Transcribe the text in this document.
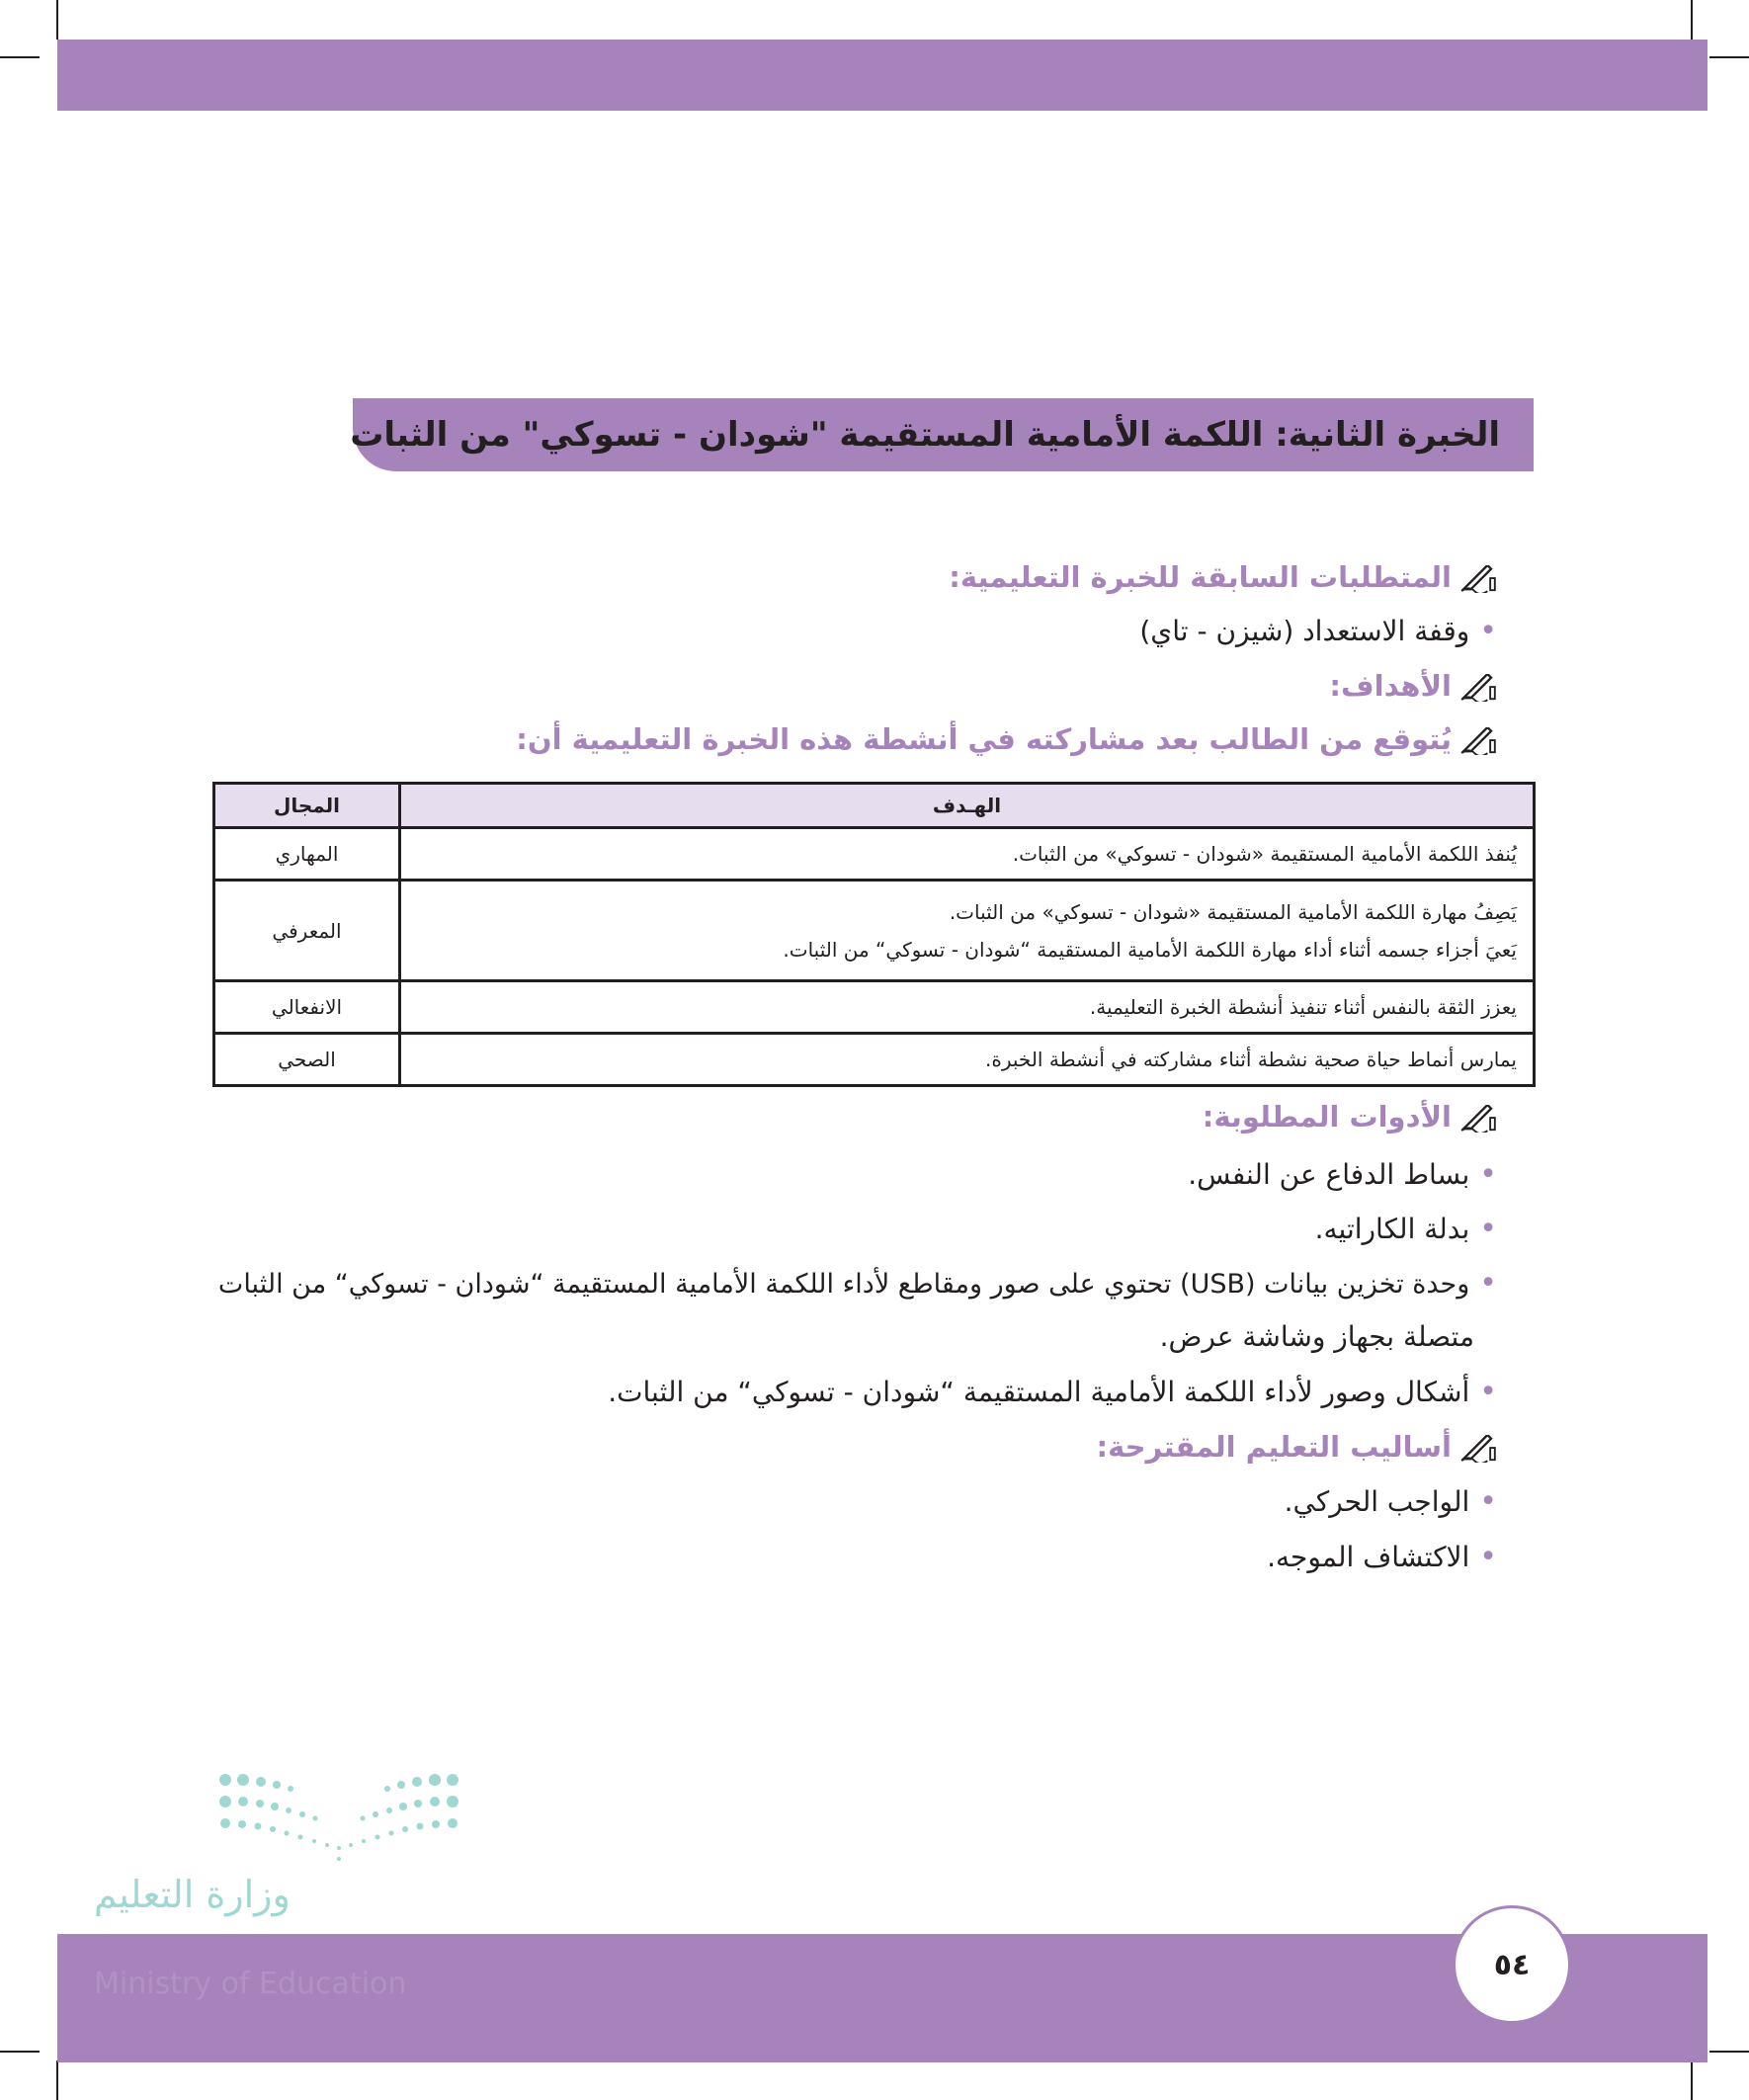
الخبرة الثانية: اللكمة الأمامية المستقيمة "شودان - تسوكي" من الثبات
المتطلبات السابقة للخبرة التعليمية:
•وقفة الاستعداد (شيزن - تاي)
الأهداف:
يُتوقع من الطالب بعد مشاركته في أنشطة هذه الخبرة التعليمية أن:
الهـدف	المجال

يُنفذ اللكمة الأمامية المستقيمة «شودان - تسوكي» من الثبات.	المهاري

يَصِفُ مهارة اللكمة الأمامية المستقيمة «شودان - تسوكي» من الثبات.
يَعيَ أجزاء جسمه أثناء أداء مهارة اللكمة الأمامية المستقيمة “شودان - تسوكي“ من الثبات.	المعرفي

يعزز الثقة بالنفس أثناء تنفيذ أنشطة الخبرة التعليمية.	الانفعالي

يمارس أنماط حياة صحية نشطة أثناء مشاركته في أنشطة الخبرة.	الصحي
الأدوات المطلوبة:
•بساط الدفاع عن النفس.
•بدلة الكاراتيه.
•وحدة تخزين بيانات (USB) تحتوي على صور ومقاطع لأداء اللكمة الأمامية المستقيمة “شودان - تسوكي“ من الثبات
متصلة بجهاز وشاشة عرض.
•أشكال وصور لأداء اللكمة الأمامية المستقيمة “شودان - تسوكي“ من الثبات.
أساليب التعليم المقترحة:
•الواجب الحركي.
•الاكتشاف الموجه.
وزارة التعليم
Ministry of Education
٥٤
